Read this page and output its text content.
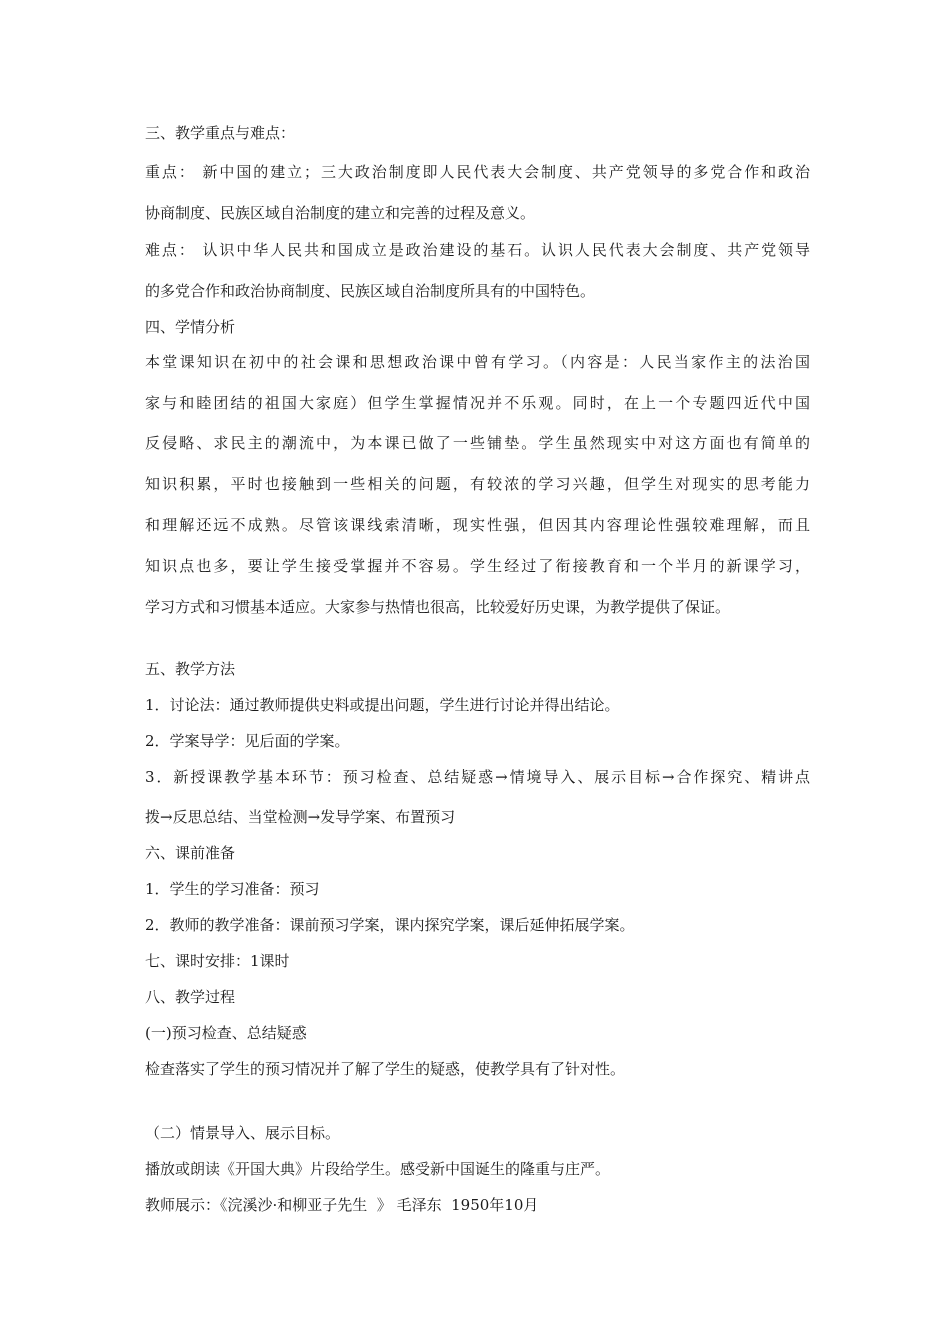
三、教学重点与难点：
重点： 新中国的建立；三大政治制度即人民代表大会制度、共产党领导的多党合作和政治
协商制度、民族区域自治制度的建立和完善的过程及意义。
难点： 认识中华人民共和国成立是政治建设的基石。认识人民代表大会制度、共产党领导
的多党合作和政治协商制度、民族区域自治制度所具有的中国特色。
四、学情分析
本堂课知识在初中的社会课和思想政治课中曾有学习。（内容是：人民当家作主的法治国
家与和睦团结的祖国大家庭）但学生掌握情况并不乐观。同时，在上一个专题四近代中国
反侵略、求民主的潮流中，为本课已做了一些铺垫。学生虽然现实中对这方面也有简单的
知识积累，平时也接触到一些相关的问题，有较浓的学习兴趣，但学生对现实的思考能力
和理解还远不成熟。尽管该课线索清晰，现实性强，但因其内容理论性强较难理解，而且
知识点也多，要让学生接受掌握并不容易。学生经过了衔接教育和一个半月的新课学习，
学习方式和习惯基本适应。大家参与热情也很高，比较爱好历史课，为教学提供了保证。
五、教学方法
1．讨论法：通过教师提供史料或提出问题，学生进行讨论并得出结论。
2．学案导学：见后面的学案。
3．新授课教学基本环节：预习检查、总结疑惑→情境导入、展示目标→合作探究、精讲点
拨→反思总结、当堂检测→发导学案、布置预习
六、课前准备
1．学生的学习准备：预习
2．教师的教学准备：课前预习学案，课内探究学案，课后延伸拓展学案。
七、课时安排：1课时
八、教学过程
(一)预习检查、总结疑惑
检查落实了学生的预习情况并了解了学生的疑惑，使教学具有了针对性。
（二）情景导入、展示目标。
播放或朗读《开国大典》片段给学生。感受新中国诞生的隆重与庄严。
教师展示：《浣溪沙·和柳亚子先生  》 毛泽东  1950年10月
